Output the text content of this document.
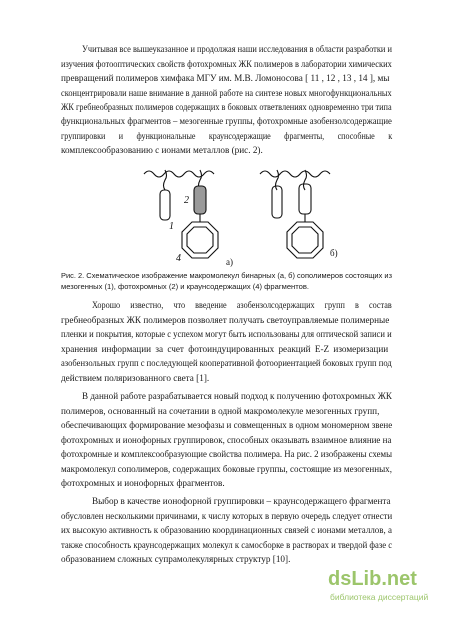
Учитывая все вышеуказанное и продолжая наши исследования в области разработки и
изучения фотооптических свойств фотохромных ЖК полимеров в лаборатории химических
превращений полимеров химфака МГУ им. М.В. Ломоносова [ 11 , 12 , 13 , 14 ], мы
сконцентрировали наше внимание в данной работе на синтезе новых многофункциональных
ЖК гребнеобразных полимеров содержащих в боковых ответвлениях одновременно три типа
функциональных фрагментов – мезогенные группы, фотохромные азобензолсодержащие
группировки и функциональные краунсодержащие фрагменты, способные к
комплексообразованию с ионами металлов (рис. 2).
2
1
4	а)
б)
Рис. 2. Схематическое изображение макромолекул бинарных (а, б) сополимеров состоящих из
мезогенных (1), фотохромных (2) и краунсодержащих (4) фрагментов.
Хорошо известно, что введение азобензолсодержащих групп в состав
гребнеобразных ЖК полимеров позволяет получать светоуправляемые полимерные
пленки и покрытия, которые с успехом могут быть использованы для оптической записи и
хранения информации за счет фотоиндуцированных реакций E-Z изомеризации
азобензольных групп с последующей кооперативной фотоориентацией боковых групп под
действием поляризованного света [1].
В данной работе разрабатывается новый подход к получению фотохромных ЖК
полимеров, основанный на сочетании в одной макромолекуле мезогенных групп,
обеспечивающих формирование мезофазы и совмещенных в одном мономерном звене
фотохромных и ионофорных группировок, способных оказывать взаимное влияние на
фотохромные и комплексообразующие свойства полимера. На рис. 2 изображены схемы
макромолекул сополимеров, содержащих боковые группы, состоящие из мезогенных,
фотохромных и ионофорных фрагментов.
Выбор в качестве ионофорной группировки – краунсодержащего фрагмента
обусловлен несколькими причинами, к числу которых в первую очередь следует отнести
их высокую активность к образованию координационных связей с ионами металлов, а
также способность краунсодержащих молекул к самосборке в растворах и твердой фазе с
образованием сложных супрамолекулярных структур [10].
dsLib.net
библиотека диссертаций
